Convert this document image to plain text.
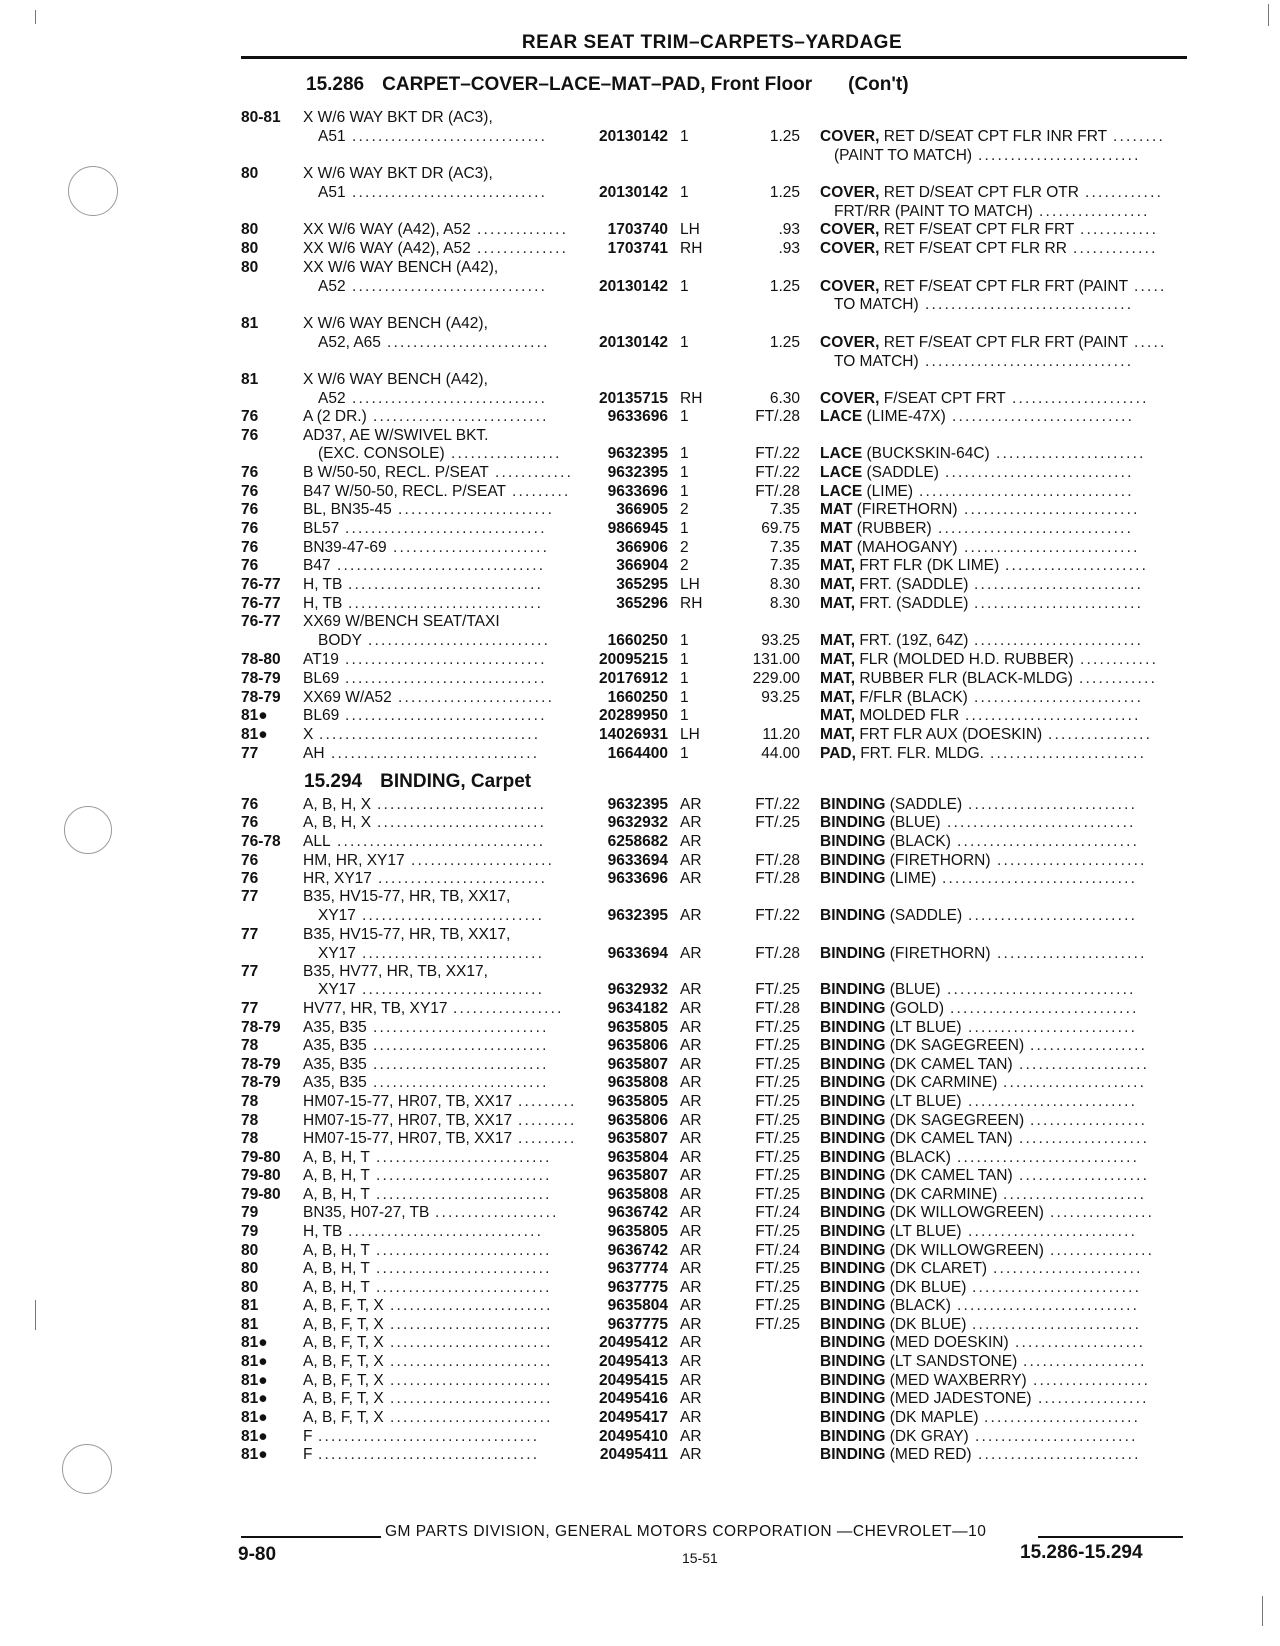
REAR SEAT TRIM–CARPETS–YARDAGE
15.286 CARPET–COVER–LACE–MAT–PAD, Front Floor (Con't)
15.294 BINDING, Carpet
80-81 X W/6 WAY BKT DR (AC3),
A51 ..............................	20130142 1	1.25 COVER, RET D/SEAT CPT FLR INR FRT ........
(PAINT TO MATCH) .........................
80	X W/6 WAY BKT DR (AC3),
A51 ..............................	20130142 1	1.25 COVER, RET D/SEAT CPT FLR OTR ............
FRT/RR (PAINT TO MATCH) .................
80	XX W/6 WAY (A42), A52 ..............	1703740 LH	.93 COVER, RET F/SEAT CPT FLR FRT ............
80	XX W/6 WAY (A42), A52 ..............	1703741 RH	.93 COVER, RET F/SEAT CPT FLR RR .............
80	XX W/6 WAY BENCH (A42),
A52 ..............................	20130142 1	1.25 COVER, RET F/SEAT CPT FLR FRT (PAINT .....
TO MATCH) ................................
81	X W/6 WAY BENCH (A42),
A52, A65 .........................	20130142 1	1.25 COVER, RET F/SEAT CPT FLR FRT (PAINT .....
TO MATCH) ................................
81	X W/6 WAY BENCH (A42),
A52 ..............................	20135715 RH	6.30 COVER, F/SEAT CPT FRT .....................
76	A (2 DR.) ...........................	9633696 1	FT/.28 LACE (LIME-47X) ............................
76	AD37, AE W/SWIVEL BKT.
(EXC. CONSOLE) .................	9632395 1	FT/.22 LACE (BUCKSKIN-64C) .......................
76	B W/50-50, RECL. P/SEAT ............ 9632395 1	FT/.22 LACE (SADDLE) .............................
76	B47 W/50-50, RECL. P/SEAT ......... 9633696 1	FT/.28 LACE (LIME) .................................
76	BL, BN35-45 ........................	366905 2	7.35 MAT (FIRETHORN) ...........................
76	BL57 ...............................	9866945 1	69.75 MAT (RUBBER) ..............................
76	BN39-47-69 ........................	366906 2	7.35 MAT (MAHOGANY) ...........................
76	B47 ................................	366904 2	7.35 MAT, FRT FLR (DK LIME) ......................
76-77 H, TB ..............................	365295 LH	8.30 MAT, FRT. (SADDLE) ..........................
76-77 H, TB ..............................	365296 RH	8.30 MAT, FRT. (SADDLE) ..........................
76-77 XX69 W/BENCH SEAT/TAXI
BODY ............................	1660250 1	93.25 MAT, FRT. (19Z, 64Z) ..........................
78-80 AT19 ...............................	20095215 1	131.00 MAT, FLR (MOLDED H.D. RUBBER) ............
78-79 BL69 ...............................	20176912 1	229.00 MAT, RUBBER FLR (BLACK-MLDG) ............
78-79 XX69 W/A52 ........................	1660250 1	93.25 MAT, F/FLR (BLACK) ..........................
81● BL69 ...............................	20289950 1	MAT, MOLDED FLR ...........................
81● X ..................................	14026931 LH	11.20 MAT, FRT FLR AUX (DOESKIN) ................
77	AH ................................	1664400 1	44.00 PAD, FRT. FLR. MLDG. ........................
76	A, B, H, X ..........................	9632395 AR	FT/.22 BINDING (SADDLE) ..........................
76	A, B, H, X ..........................	9632932 AR	FT/.25 BINDING (BLUE) .............................
76-78 ALL ................................	6258682 AR	BINDING (BLACK) ............................
76	HM, HR, XY17 ......................	9633694 AR	FT/.28 BINDING (FIRETHORN) .......................
76	HR, XY17 ..........................	9633696 AR	FT/.28 BINDING (LIME) ..............................
77	B35, HV15-77, HR, TB, XX17,
XY17 ............................	9632395 AR	FT/.22 BINDING (SADDLE) ..........................
77	B35, HV15-77, HR, TB, XX17,
XY17 ............................	9633694 AR	FT/.28 BINDING (FIRETHORN) .......................
77	B35, HV77, HR, TB, XX17,
XY17 ............................	9632932 AR	FT/.25 BINDING (BLUE) .............................
77	HV77, HR, TB, XY17 .................	9634182 AR	FT/.28 BINDING (GOLD) .............................
78-79 A35, B35 ...........................	9635805 AR	FT/.25 BINDING (LT BLUE) ..........................
78	A35, B35 ...........................	9635806 AR	FT/.25 BINDING (DK SAGEGREEN) ..................
78-79 A35, B35 ...........................	9635807 AR	FT/.25 BINDING (DK CAMEL TAN) ....................
78-79 A35, B35 ...........................	9635808 AR	FT/.25 BINDING (DK CARMINE) ......................
78	HM07-15-77, HR07, TB, XX17 ......... 9635805 AR	FT/.25 BINDING (LT BLUE) ..........................
78	HM07-15-77, HR07, TB, XX17 ......... 9635806 AR	FT/.25 BINDING (DK SAGEGREEN) ..................
78	HM07-15-77, HR07, TB, XX17 ......... 9635807 AR	FT/.25 BINDING (DK CAMEL TAN) ....................
79-80 A, B, H, T ...........................	9635804 AR	FT/.25 BINDING (BLACK) ............................
79-80 A, B, H, T ...........................	9635807 AR	FT/.25 BINDING (DK CAMEL TAN) ....................
79-80 A, B, H, T ...........................	9635808 AR	FT/.25 BINDING (DK CARMINE) ......................
79	BN35, H07-27, TB ...................	9636742 AR	FT/.24 BINDING (DK WILLOWGREEN) ................
79	H, TB ..............................	9635805 AR	FT/.25 BINDING (LT BLUE) ..........................
80	A, B, H, T ...........................	9636742 AR	FT/.24 BINDING (DK WILLOWGREEN) ................
80	A, B, H, T ...........................	9637774 AR	FT/.25 BINDING (DK CLARET) .......................
80	A, B, H, T ...........................	9637775 AR	FT/.25 BINDING (DK BLUE) ..........................
81	A, B, F, T, X .........................	9635804 AR	FT/.25 BINDING (BLACK) ............................
81	A, B, F, T, X .........................	9637775 AR	FT/.25 BINDING (DK BLUE) ..........................
81● A, B, F, T, X .........................	20495412 AR	BINDING (MED DOESKIN) ....................
81● A, B, F, T, X .........................	20495413 AR	BINDING (LT SANDSTONE) ...................
81● A, B, F, T, X .........................	20495415 AR	BINDING (MED WAXBERRY) ..................
81● A, B, F, T, X .........................	20495416 AR	BINDING (MED JADESTONE) .................
81● A, B, F, T, X .........................	20495417 AR	BINDING (DK MAPLE) ........................
81● F ..................................	20495410 AR	BINDING (DK GRAY) .........................
81● F ..................................	20495411 AR	BINDING (MED RED) .........................
GM PARTS DIVISION, GENERAL MOTORS CORPORATION —CHEVROLET—10
9-80	15-51	15.286-15.294
